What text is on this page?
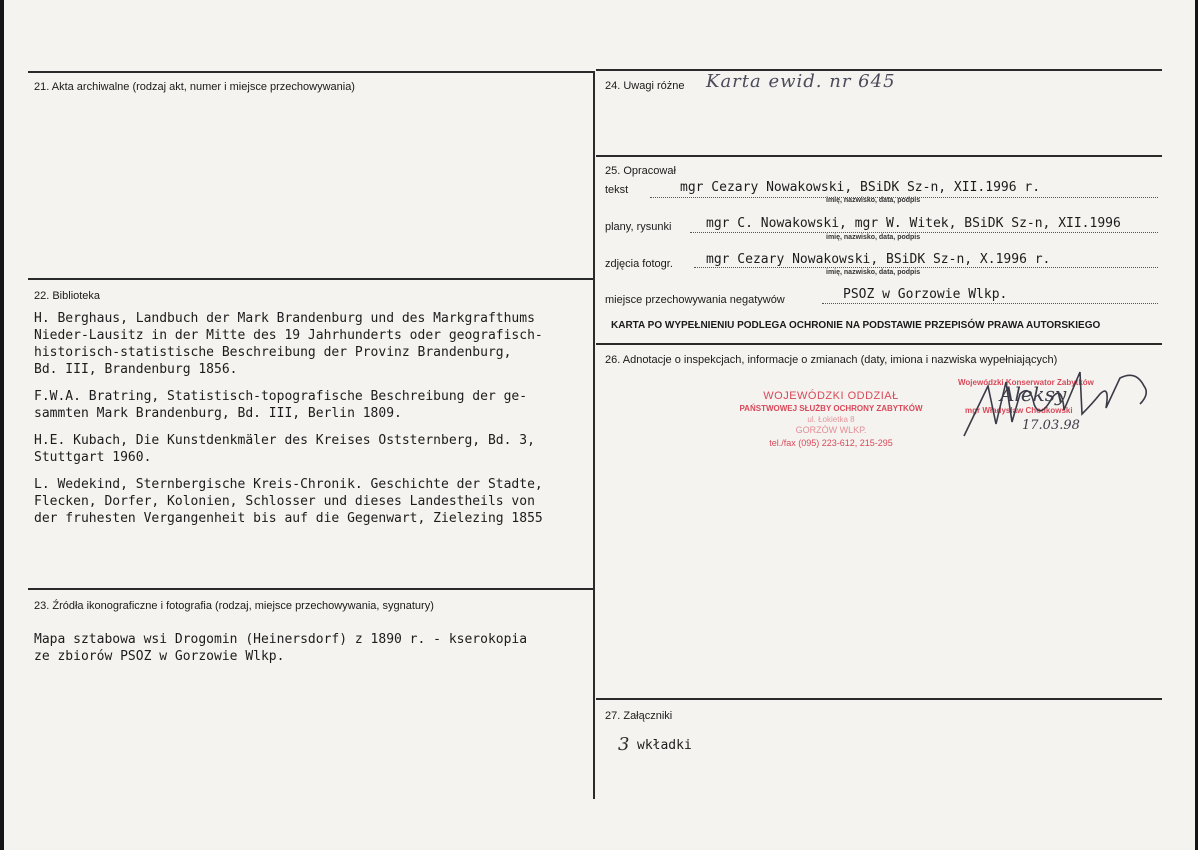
21. Akta archiwalne (rodzaj akt, numer i miejsce przechowywania)
22. Biblioteka
H. Berghaus, Landbuch der Mark Brandenburg und des Markgrafthums
Nieder-Lausitz in der Mitte des 19 Jahrhunderts oder geografisch-
historisch-statistische Beschreibung der Provinz Brandenburg,
Bd. III, Brandenburg 1856.
F.W.A. Bratring, Statistisch-topografische Beschreibung der ge-
sammten Mark Brandenburg, Bd. III, Berlin 1809.
H.E. Kubach, Die Kunstdenkmäler des Kreises Oststernberg, Bd. 3,
Stuttgart 1960.
L. Wedekind, Sternbergische Kreis-Chronik. Geschichte der Stadte,
Flecken, Dorfer, Kolonien, Schlosser und dieses Landestheils von
der fruhesten Vergangenheit bis auf die Gegenwart, Zielezing 1855
23. Źródła ikonograficzne i fotografia (rodzaj, miejsce przechowywania, sygnatury)
Mapa sztabowa wsi Drogomin (Heinersdorf) z 1890 r. - kserokopia
ze zbiorów PSOZ w Gorzowie Wlkp.
24. Uwagi różne Karta ewid. nr 645
25. Opracował
tekst	mgr Cezary Nowakowski, BSiDK Sz-n, XII.1996 r.
imię, nazwisko, data, podpis
plany, rysunki	mgr C. Nowakowski, mgr W. Witek, BSiDK Sz-n, XII.1996
imię, nazwisko, data, podpis
zdjęcia fotogr.	mgr Cezary Nowakowski, BSiDK Sz-n, X.1996 r.
imię, nazwisko, data, podpis
miejsce przechowywania negatywów	PSOZ w Gorzowie Wlkp.
KARTA PO WYPEŁNIENIU PODLEGA OCHRONIE NA PODSTAWIE PRZEPISÓW PRAWA AUTORSKIEGO
26. Adnotacje o inspekcjach, informacje o zmianach (daty, imiona i nazwiska wypełniających)
WOJEWÓDZKI ODDZIAŁ
PAŃSTWOWEJ SŁUŻBY OCHRONY ZABYTKÓW
ul. Łokietka 8
GORZÓW WLKP.
tel./fax (095) 223-612, 215-295
Wojewódzki Konserwator Zabytków
mgr Władysław Chodkowski
Aleksy
17.03.98
27. Załączniki
3 wkładki
